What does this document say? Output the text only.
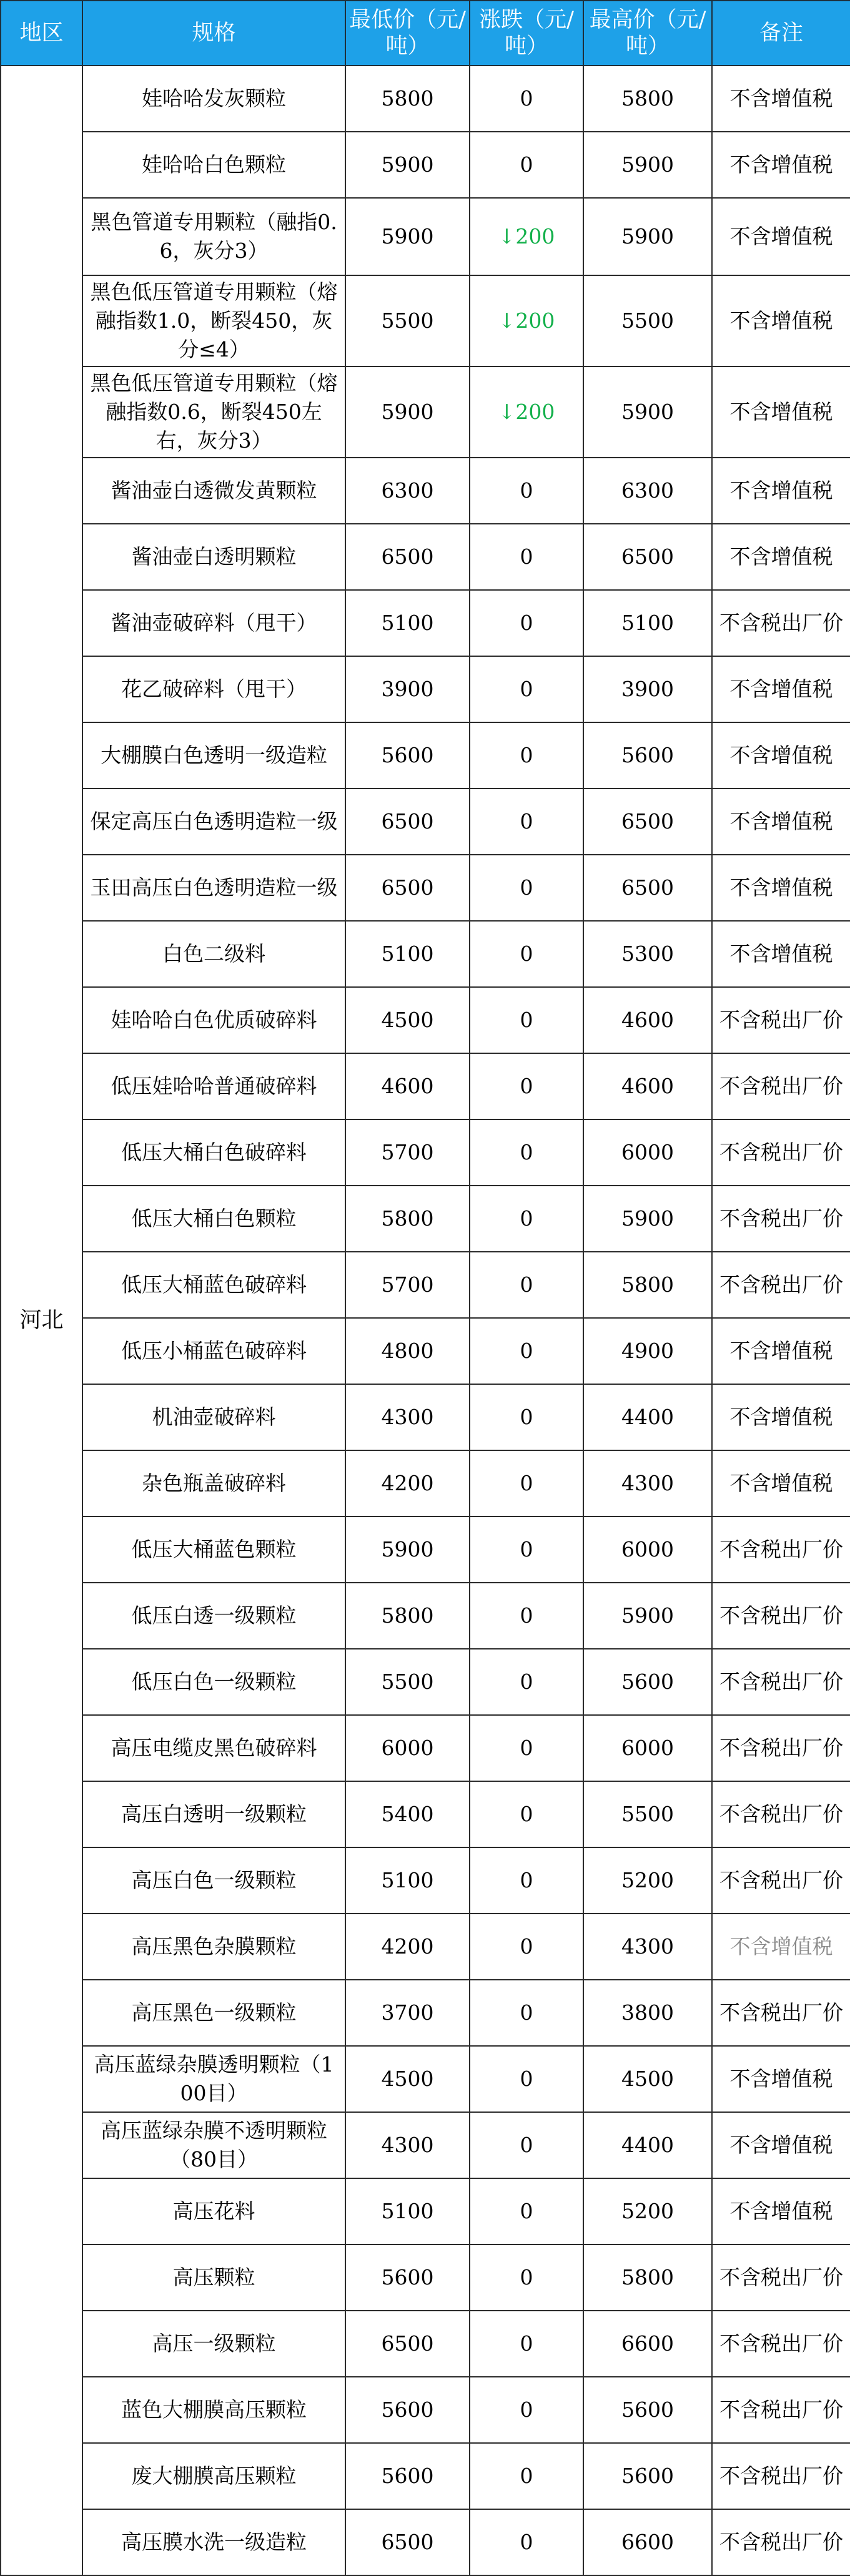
地区	规格	最低价（元/吨）	涨跌（元/吨）	最高价（元/吨）	备注
河北	娃哈哈发灰颗粒	5800	0	5800	不含增值税
	娃哈哈白色颗粒	5900	0	5900	不含增值税
	黑色管道专用颗粒（融指0.6，灰分3）	5900	↓200	5900	不含增值税
	黑色低压管道专用颗粒（熔融指数1.0，断裂450，灰分≤4）	5500	↓200	5500	不含增值税
	黑色低压管道专用颗粒（熔融指数0.6，断裂450左右，灰分3）	5900	↓200	5900	不含增值税
	酱油壶白透微发黄颗粒	6300	0	6300	不含增值税
	酱油壶白透明颗粒	6500	0	6500	不含增值税
	酱油壶破碎料（甩干）	5100	0	5100	不含税出厂价
	花乙破碎料（甩干）	3900	0	3900	不含增值税
	大棚膜白色透明一级造粒	5600	0	5600	不含增值税
	保定高压白色透明造粒一级	6500	0	6500	不含增值税
	玉田高压白色透明造粒一级	6500	0	6500	不含增值税
	白色二级料	5100	0	5300	不含增值税
	娃哈哈白色优质破碎料	4500	0	4600	不含税出厂价
	低压娃哈哈普通破碎料	4600	0	4600	不含税出厂价
	低压大桶白色破碎料	5700	0	6000	不含税出厂价
	低压大桶白色颗粒	5800	0	5900	不含税出厂价
	低压大桶蓝色破碎料	5700	0	5800	不含税出厂价
	低压小桶蓝色破碎料	4800	0	4900	不含增值税
	机油壶破碎料	4300	0	4400	不含增值税
	杂色瓶盖破碎料	4200	0	4300	不含增值税
	低压大桶蓝色颗粒	5900	0	6000	不含税出厂价
	低压白透一级颗粒	5800	0	5900	不含税出厂价
	低压白色一级颗粒	5500	0	5600	不含税出厂价
	高压电缆皮黑色破碎料	6000	0	6000	不含税出厂价
	高压白透明一级颗粒	5400	0	5500	不含税出厂价
	高压白色一级颗粒	5100	0	5200	不含税出厂价
	高压黑色杂膜颗粒	4200	0	4300	不含增值税
	高压黑色一级颗粒	3700	0	3800	不含税出厂价
	高压蓝绿杂膜透明颗粒（100目）	4500	0	4500	不含增值税
	高压蓝绿杂膜不透明颗粒（80目）	4300	0	4400	不含增值税
	高压花料	5100	0	5200	不含增值税
	高压颗粒	5600	0	5800	不含税出厂价
	高压一级颗粒	6500	0	6600	不含税出厂价
	蓝色大棚膜高压颗粒	5600	0	5600	不含税出厂价
	废大棚膜高压颗粒	5600	0	5600	不含税出厂价
	高压膜水洗一级造粒	6500	0	6600	不含税出厂价
